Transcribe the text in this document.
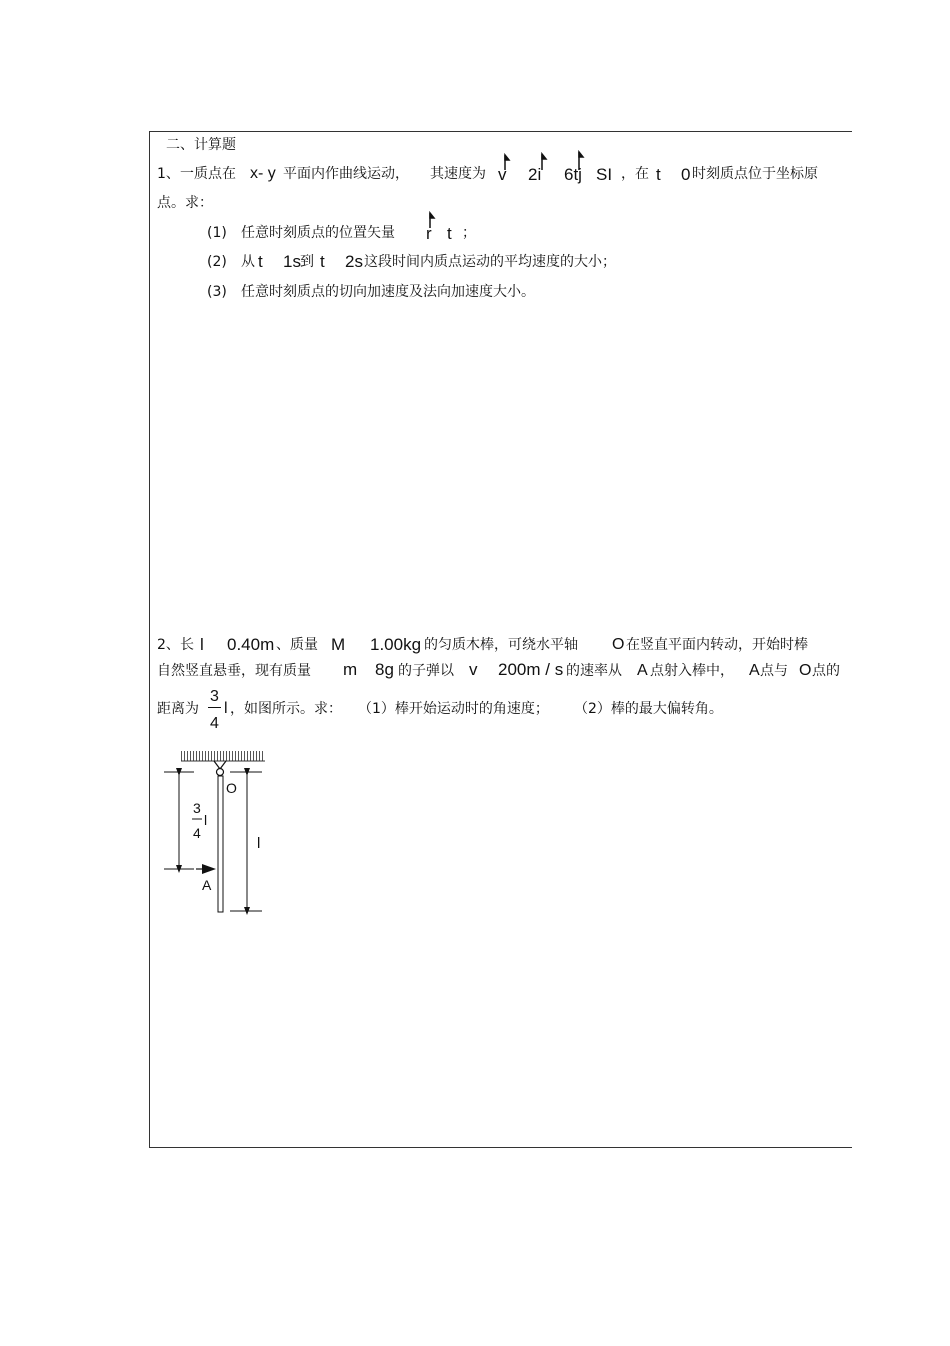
二、计算题
1、 一质点在 x- y 平面内作曲线运动， 其速度为 v 2i 6tj SI ，在 t 0 时刻质点位于坐标原
点。求：
(1) 任意时刻质点的位置矢量 r t ；
(2) 从 t 1s 到 t 2s 这段时间内质点运动的平均速度的大小；
(3) 任意时刻质点的切向加速度及法向加速度大小。
2、 长 l 0.40m 、质量 M 1.00kg 的匀质木棒，可绕水平轴 O 在竖直平面内转动，开始时棒
自然竖直悬垂，现有质量 m 8g 的子弹以 v 200m / s 的速率从 A 点射入棒中， A 点与 O 点的
距离为
3
4
l ，如图所示。求： （1）棒开始运动时的角速度； （2）棒的最大偏转角。
O
3
4
l
l
A
